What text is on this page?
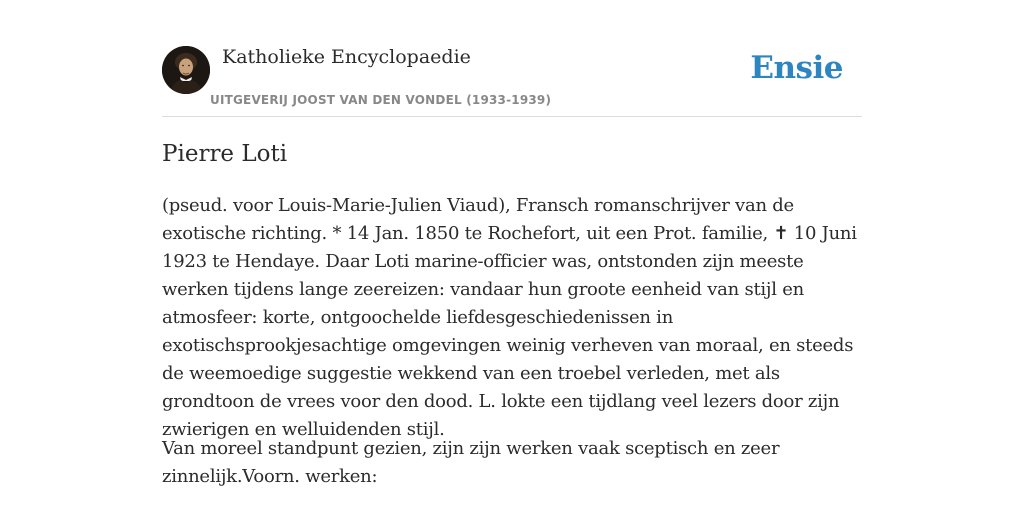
Katholieke Encyclopaedie
UITGEVERIJ JOOST VAN DEN VONDEL (1933-1939)
Ensie
Pierre Loti

(pseud. voor Louis-Marie-Julien Viaud), Fransch romanschrijver van de exotische richting. * 14 Jan. 1850 te Rochefort, uit een Prot. familie, ✝ 10 Juni 1923 te Hendaye. Daar Loti marine-officier was, ontstonden zijn meeste werken tijdens lange zeereizen: vandaar hun groote eenheid van stijl en atmosfeer: korte, ontgoochelde liefdesgeschiedenissen in exotischsprookjesachtige omgevingen weinig verheven van moraal, en steeds de weemoedige suggestie wekkend van een troebel verleden, met als grondtoon de vrees voor den dood. L. lokte een tijdlang veel lezers door zijn zwierigen en welluidenden stijl.

Van moreel standpunt gezien, zijn zijn werken vaak sceptisch en zeer zinnelijk.Voorn. werken:
